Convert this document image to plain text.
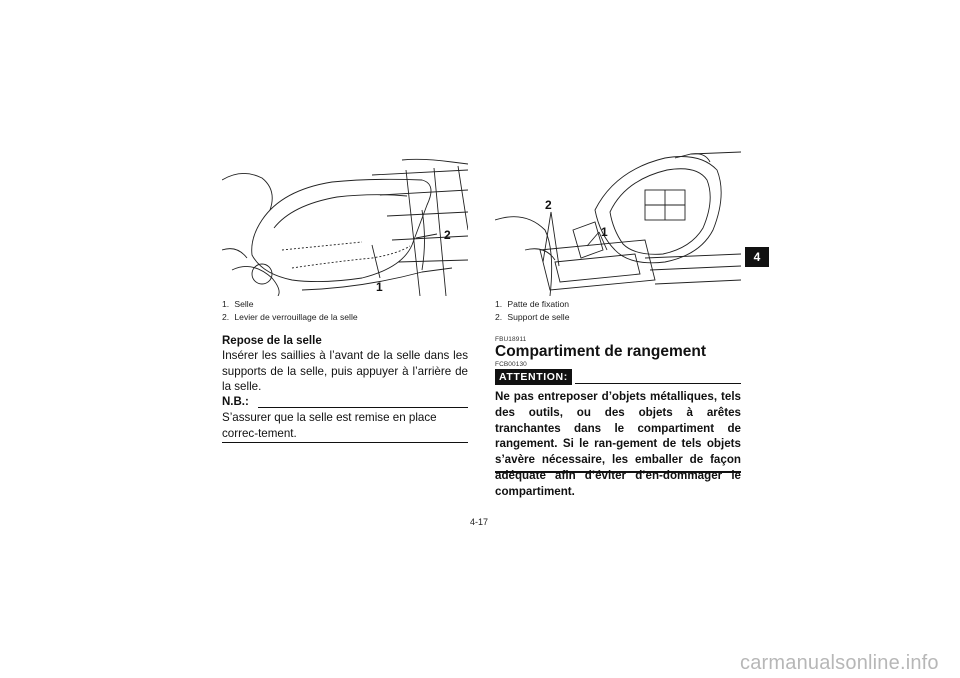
1
2
1. Selle
2. Levier de verrouillage de la selle
Repose de la selle
Insérer les saillies à l’avant de la selle dans les supports de la selle, puis appuyer à l’arrière de la selle.
N.B.:
S’assurer que la selle est remise en place correc-tement.
2
1
1. Patte de fixation
2. Support de selle
FBU18911
Compartiment de rangement
FCB00130
ATTENTION:
Ne pas entreposer d’objets métalliques, tels des outils, ou des objets à arêtes tranchantes dans le compartiment de rangement. Si le ran-gement de tels objets s’avère nécessaire, les emballer de façon adéquate afin d’éviter d’en-dommager le compartiment.
4
4-17
carmanualsonline.info
